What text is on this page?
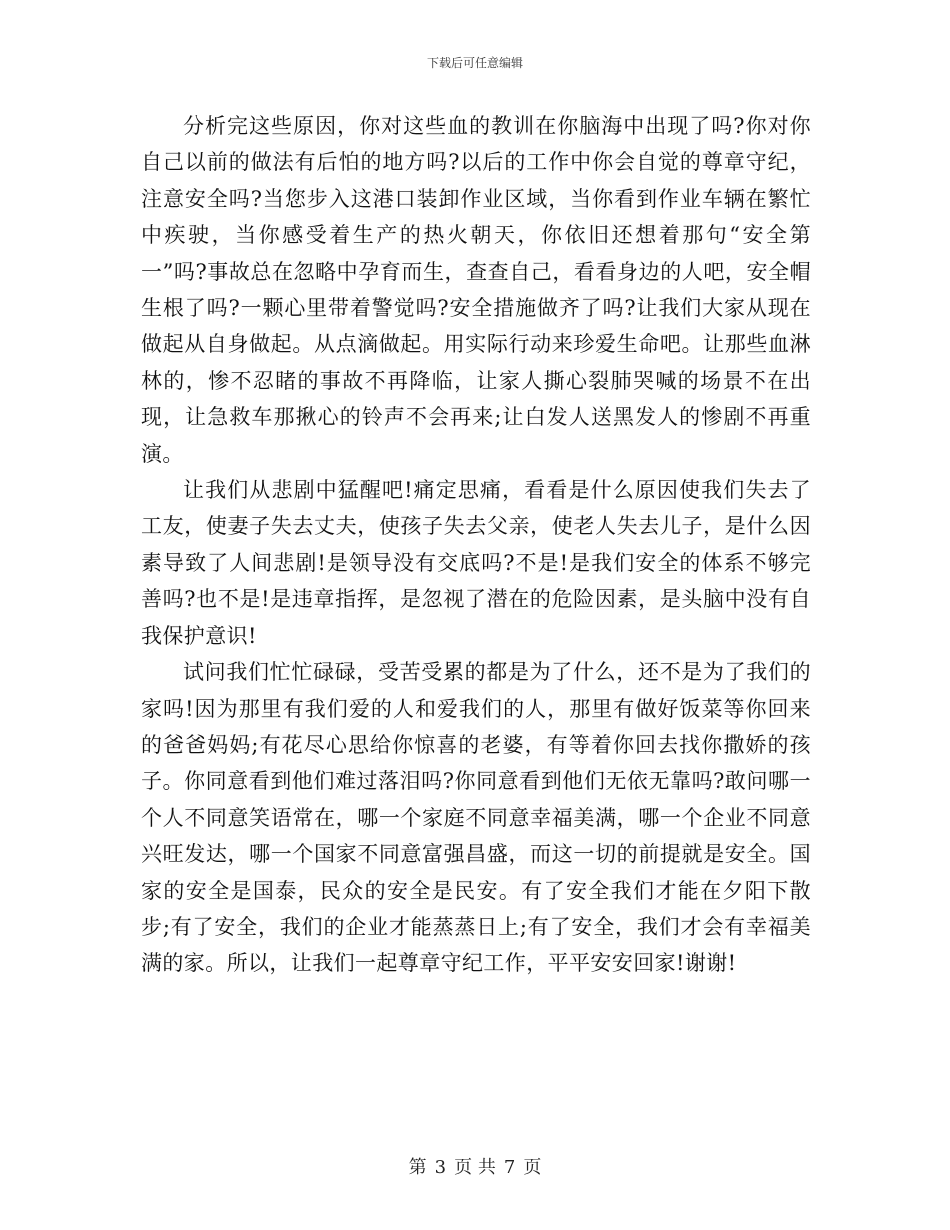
下载后可任意编辑

分析完这些原因，你对这些血的教训在你脑海中出现了吗?你对你自己以前的做法有后怕的地方吗?以后的工作中你会自觉的尊章守纪，注意安全吗?当您步入这港口装卸作业区域，当你看到作业车辆在繁忙中疾驶，当你感受着生产的热火朝天，你依旧还想着那句“安全第一”吗?事故总在忽略中孕育而生，查查自己，看看身边的人吧，安全帽生根了吗?一颗心里带着警觉吗?安全措施做齐了吗?让我们大家从现在做起从自身做起。从点滴做起。用实际行动来珍爱生命吧。让那些血淋林的，惨不忍睹的事故不再降临，让家人撕心裂肺哭喊的场景不在出现，让急救车那揪心的铃声不会再来;让白发人送黑发人的惨剧不再重演。

让我们从悲剧中猛醒吧!痛定思痛，看看是什么原因使我们失去了工友，使妻子失去丈夫，使孩子失去父亲，使老人失去儿子，是什么因素导致了人间悲剧!是领导没有交底吗?不是!是我们安全的体系不够完善吗?也不是!是违章指挥，是忽视了潜在的危险因素，是头脑中没有自我保护意识!

试问我们忙忙碌碌，受苦受累的都是为了什么，还不是为了我们的家吗!因为那里有我们爱的人和爱我们的人，那里有做好饭菜等你回来的爸爸妈妈;有花尽心思给你惊喜的老婆，有等着你回去找你撒娇的孩子。你同意看到他们难过落泪吗?你同意看到他们无依无靠吗?敢问哪一个人不同意笑语常在，哪一个家庭不同意幸福美满，哪一个企业不同意兴旺发达，哪一个国家不同意富强昌盛，而这一切的前提就是安全。国家的安全是国泰，民众的安全是民安。有了安全我们才能在夕阳下散步;有了安全，我们的企业才能蒸蒸日上;有了安全，我们才会有幸福美满的家。所以，让我们一起尊章守纪工作，平平安安回家!谢谢!

第 3 页 共 7 页
